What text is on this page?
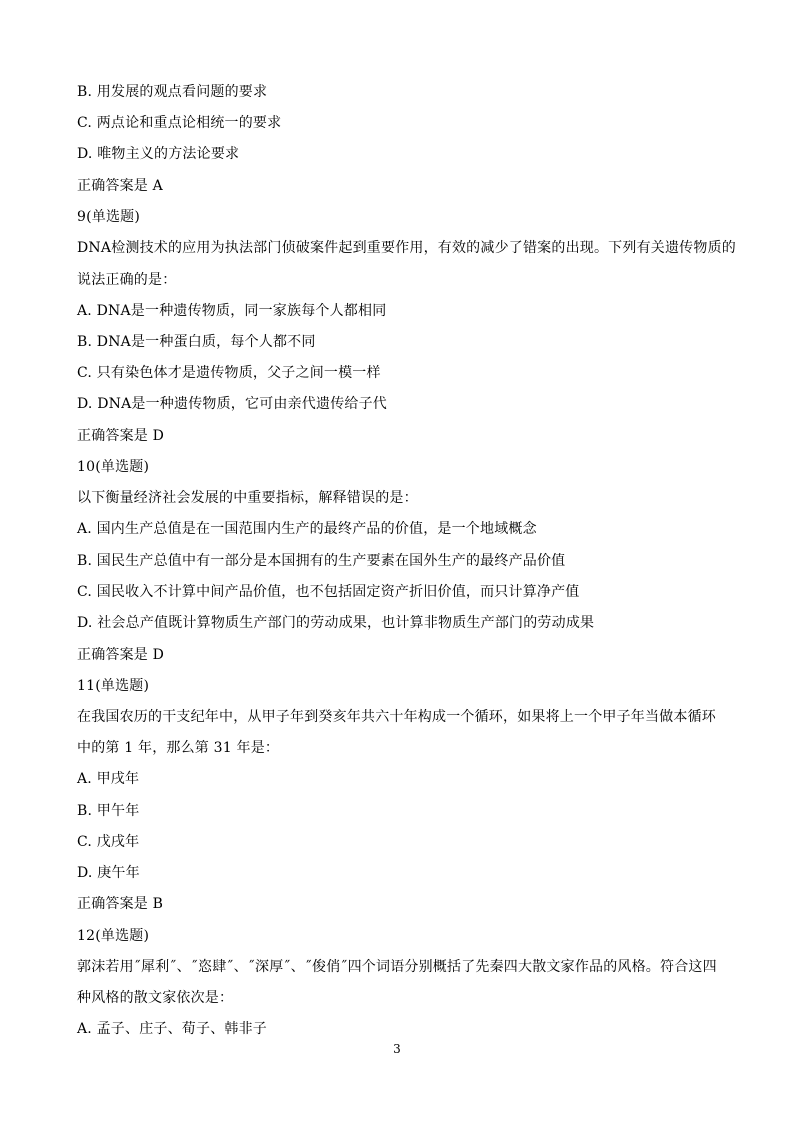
B. 用发展的观点看问题的要求
C. 两点论和重点论相统一的要求
D. 唯物主义的方法论要求
正确答案是 A
9(单选题)
DNA检测技术的应用为执法部门侦破案件起到重要作用，有效的减少了错案的出现。下列有关遗传物质的
说法正确的是：
A. DNA是一种遗传物质，同一家族每个人都相同
B. DNA是一种蛋白质，每个人都不同
C. 只有染色体才是遗传物质，父子之间一模一样
D. DNA是一种遗传物质，它可由亲代遗传给子代
正确答案是 D
10(单选题)
以下衡量经济社会发展的中重要指标，解释错误的是：
A. 国内生产总值是在一国范围内生产的最终产品的价值，是一个地域概念
B. 国民生产总值中有一部分是本国拥有的生产要素在国外生产的最终产品价值
C. 国民收入不计算中间产品价值，也不包括固定资产折旧价值，而只计算净产值
D. 社会总产值既计算物质生产部门的劳动成果，也计算非物质生产部门的劳动成果
正确答案是 D
11(单选题)
在我国农历的干支纪年中，从甲子年到癸亥年共六十年构成一个循环，如果将上一个甲子年当做本循环
中的第 1 年，那么第 31 年是：
A. 甲戌年
B. 甲午年
C. 戊戌年
D. 庚午年
正确答案是 B
12(单选题)
郭沫若用˝犀利˝、˝恣肆˝、˝深厚˝、˝俊俏˝四个词语分别概括了先秦四大散文家作品的风格。符合这四
种风格的散文家依次是：
A. 孟子、庄子、荀子、韩非子
3
